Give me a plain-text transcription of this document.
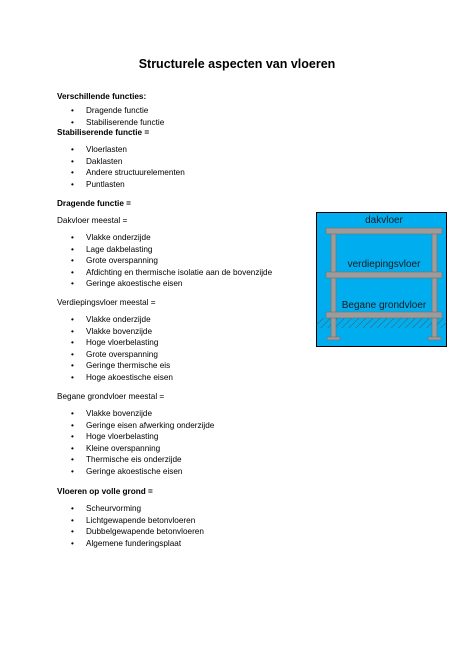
Structurele aspecten van vloeren

Verschillende functies:

• Dragende functie
• Stabiliserende functie

Stabiliserende functie =

• Vloerlasten
• Daklasten
• Andere structuurelementen
• Puntlasten

Dragende functie =

Dakvloer meestal =

• Vlakke onderzijde
• Lage dakbelasting
• Grote overspanning
• Afdichting en thermische isolatie aan de bovenzijde
• Geringe akoestische eisen

Verdiepingsvloer meestal =

• Vlakke onderzijde
• Vlakke bovenzijde
• Hoge vloerbelasting
• Grote overspanning
• Geringe thermische eis
• Hoge akoestische eisen

Begane grondvloer meestal =

• Vlakke bovenzijde
• Geringe eisen afwerking onderzijde
• Hoge vloerbelasting
• Kleine overspanning
• Thermische eis onderzijde
• Geringe akoestische eisen

Vloeren op volle grond =

• Scheurvorming
• Lichtgewapende betonvloeren
• Dubbelgewapende betonvloeren
• Algemene funderingsplaat
dakvloer
verdiepingsvloer
Begane grondvloer
